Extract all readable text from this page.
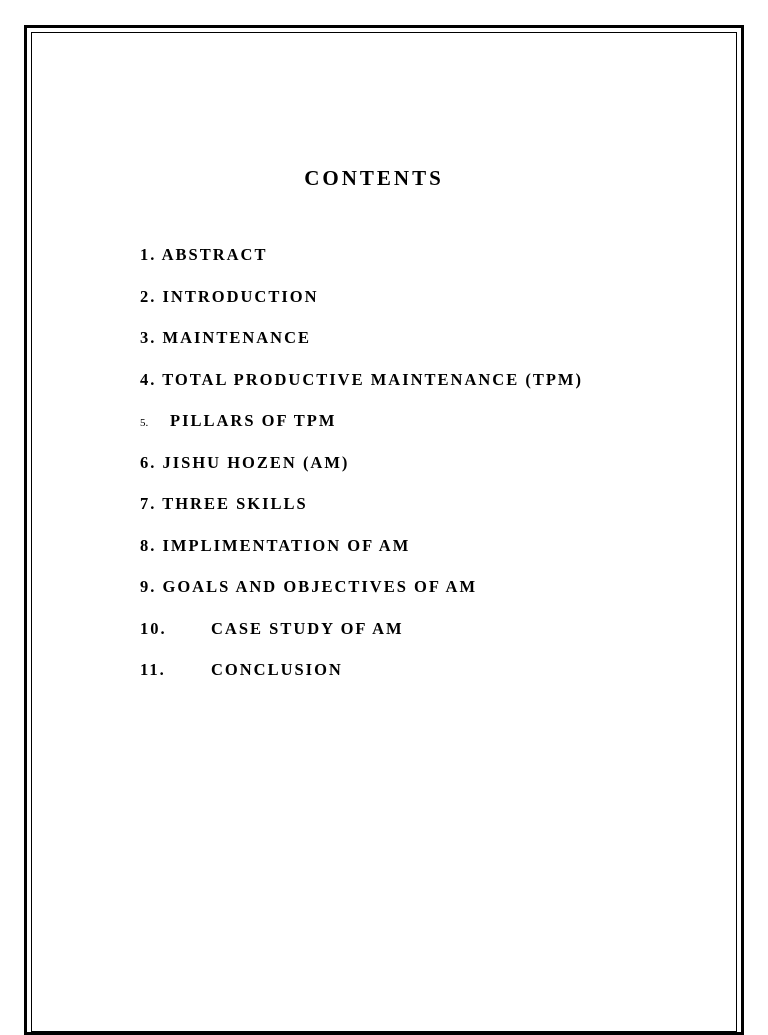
CONTENTS
1. ABSTRACT
2. INTRODUCTION
3. MAINTENANCE
4. TOTAL PRODUCTIVE MAINTENANCE (TPM)
5. PILLARS OF TPM
6. JISHU HOZEN (AM)
7. THREE SKILLS
8. IMPLIMENTATION OF AM
9. GOALS AND OBJECTIVES OF AM
10.	CASE STUDY OF AM
11.	CONCLUSION
